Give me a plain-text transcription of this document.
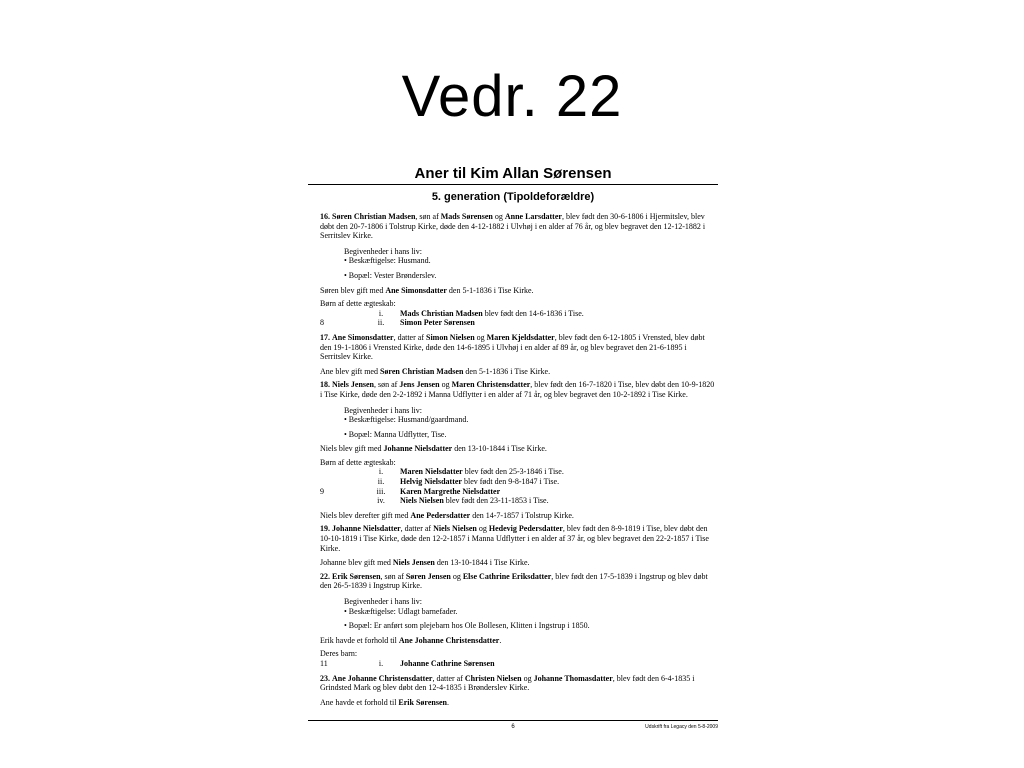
Vedr. 22
Aner til Kim Allan Sørensen
5. generation (Tipoldeforældre)

16. Søren Christian Madsen, søn af Mads Sørensen og Anne Larsdatter, blev født den 30-6-1806 i Hjermitslev, blev døbt den 20-7-1806 i Tolstrup Kirke, døde den 4-12-1882 i Ulvhøj i en alder af 76 år, og blev begravet den 12-12-1882 i Serritslev Kirke.

Begivenheder i hans liv:

• Beskæftigelse: Husmand.

• Bopæl: Vester Brønderslev.

Søren blev gift med Ane Simonsdatter den 5-1-1836 i Tise Kirke.

Børn af dette ægteskab:

i.	Mads Christian Madsen blev født den 14-6-1836 i Tise.
8	ii.	Simon Peter Sørensen

17. Ane Simonsdatter, datter af Simon Nielsen og Maren Kjeldsdatter, blev født den 6-12-1805 i Vrensted, blev døbt den 19-1-1806 i Vrensted Kirke, døde den 14-6-1895 i Ulvhøj i en alder af 89 år, og blev begravet den 21-6-1895 i Serritslev Kirke.

Ane blev gift med Søren Christian Madsen den 5-1-1836 i Tise Kirke.

18. Niels Jensen, søn af Jens Jensen og Maren Christensdatter, blev født den 16-7-1820 i Tise, blev døbt den 10-9-1820 i Tise Kirke, døde den 2-2-1892 i Manna Udflytter i en alder af 71 år, og blev begravet den 10-2-1892 i Tise Kirke.

Begivenheder i hans liv:

• Beskæftigelse: Husmand/gaardmand.

• Bopæl: Manna Udflytter, Tise.

Niels blev gift med Johanne Nielsdatter den 13-10-1844 i Tise Kirke.

Børn af dette ægteskab:

i.	Maren Nielsdatter blev født den 25-3-1846 i Tise.
ii.	Helvig Nielsdatter blev født den 9-8-1847 i Tise.
9	iii.	Karen Margrethe Nielsdatter
iv.	Niels Nielsen blev født den 23-11-1853 i Tise.

Niels blev derefter gift med Ane Pedersdatter den 14-7-1857 i Tolstrup Kirke.

19. Johanne Nielsdatter, datter af Niels Nielsen og Hedevig Pedersdatter, blev født den 8-9-1819 i Tise, blev døbt den 10-10-1819 i Tise Kirke, døde den 12-2-1857 i Manna Udflytter i en alder af 37 år, og blev begravet den 22-2-1857 i Tise Kirke.

Johanne blev gift med Niels Jensen den 13-10-1844 i Tise Kirke.

22. Erik Sørensen, søn af Søren Jensen og Else Cathrine Eriksdatter, blev født den 17-5-1839 i Ingstrup og blev døbt den 26-5-1839 i Ingstrup Kirke.

Begivenheder i hans liv:

• Beskæftigelse: Udlagt barnefader.

• Bopæl: Er anført som plejebarn hos Ole Bollesen, Klitten i Ingstrup i 1850.

Erik havde et forhold til Ane Johanne Christensdatter.

Deres barn:

11	i.	Johanne Cathrine Sørensen

23. Ane Johanne Christensdatter, datter af Christen Nielsen og Johanne Thomasdatter, blev født den 6-4-1835 i Grindsted Mark og blev døbt den 12-4-1835 i Brønderslev Kirke.

Ane havde et forhold til Erik Sørensen.

6	Udskrift fra Legacy den 5-8-2009
